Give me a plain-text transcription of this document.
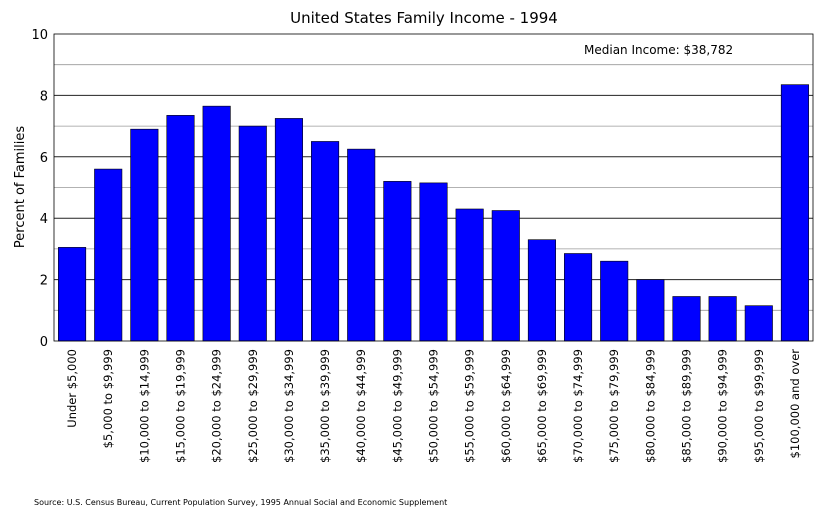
United States Family Income - 1994
Median Income: $38,782
0
2
4
6
8
10
Percent of Families
Under $5,000 $5,000 to $9,999 $10,000 to $14,999 $15,000 to $19,999 $20,000 to $24,999 $25,000 to $29,999 $30,000 to $34,999 $35,000 to $39,999 $40,000 to $44,999 $45,000 to $49,999 $50,000 to $54,999 $55,000 to $59,999 $60,000 to $64,999 $65,000 to $69,999 $70,000 to $74,999 $75,000 to $79,999 $80,000 to $84,999 $85,000 to $89,999 $90,000 to $94,999 $95,000 to $99,999 $100,000 and over
Source: U.S. Census Bureau, Current Population Survey, 1995 Annual Social and Economic Supplement
